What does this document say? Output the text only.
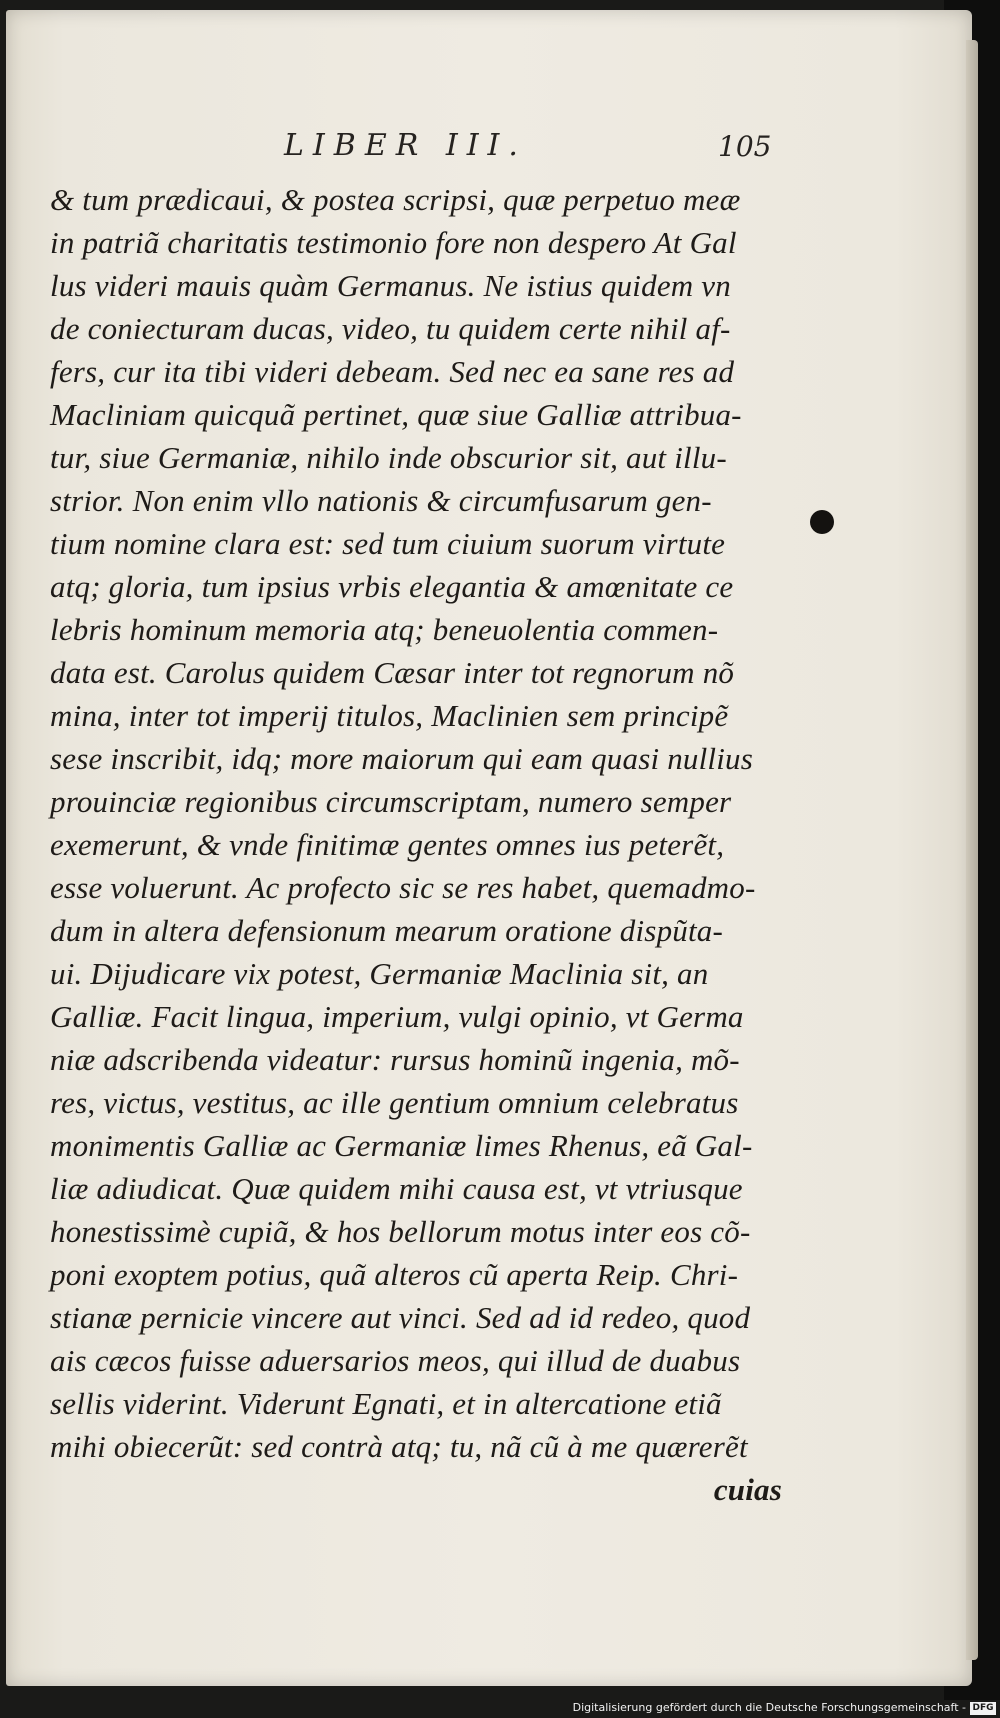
LIBER III.	105
& tum prædicaui, & postea scripsi, quæ perpetuo meæ
in patriã charitatis testimonio fore non despero At Gal
lus videri mauis quàm Germanus. Ne istius quidem vn
de coniecturam ducas, video, tu quidem certe nihil af-
fers, cur ita tibi videri debeam. Sed nec ea sane res ad
Macliniam quicquã pertinet, quæ siue Galliæ attribua-
tur, siue Germaniæ, nihilo inde obscurior sit, aut illu-
strior. Non enim vllo nationis & circumfusarum gen-
tium nomine clara est: sed tum ciuium suorum virtute
atq; gloria, tum ipsius vrbis elegantia & amœnitate ce
lebris hominum memoria atq; beneuolentia commen-
data est. Carolus quidem Cæsar inter tot regnorum nõ
mina, inter tot imperij titulos, Maclinien sem principẽ
sese inscribit, idq; more maiorum qui eam quasi nullius
prouinciæ regionibus circumscriptam, numero semper
exemerunt, & vnde finitimæ gentes omnes ius peterẽt,
esse voluerunt. Ac profecto sic se res habet, quemadmo-
dum in altera defensionum mearum oratione dispũta-
ui. Dijudicare vix potest, Germaniæ Maclinia sit, an
Galliæ. Facit lingua, imperium, vulgi opinio, vt Germa
niæ adscribenda videatur: rursus hominũ ingenia, mõ-
res, victus, vestitus, ac ille gentium omnium celebratus
monimentis Galliæ ac Germaniæ limes Rhenus, eã Gal-
liæ adiudicat. Quæ quidem mihi causa est, vt vtriusque
honestissimè cupiã, & hos bellorum motus inter eos cõ-
poni exoptem potius, quã alteros cũ aperta Reip. Chri-
stianæ pernicie vincere aut vinci. Sed ad id redeo, quod
ais cæcos fuisse aduersarios meos, qui illud de duabus
sellis viderint. Viderunt Egnati, et in altercatione etiã
mihi obiecerũt: sed contrà atq; tu, nã cũ à me quærerẽt
cuias
Digitalisierung gefördert durch die Deutsche Forschungsgemeinschaft - DFG
